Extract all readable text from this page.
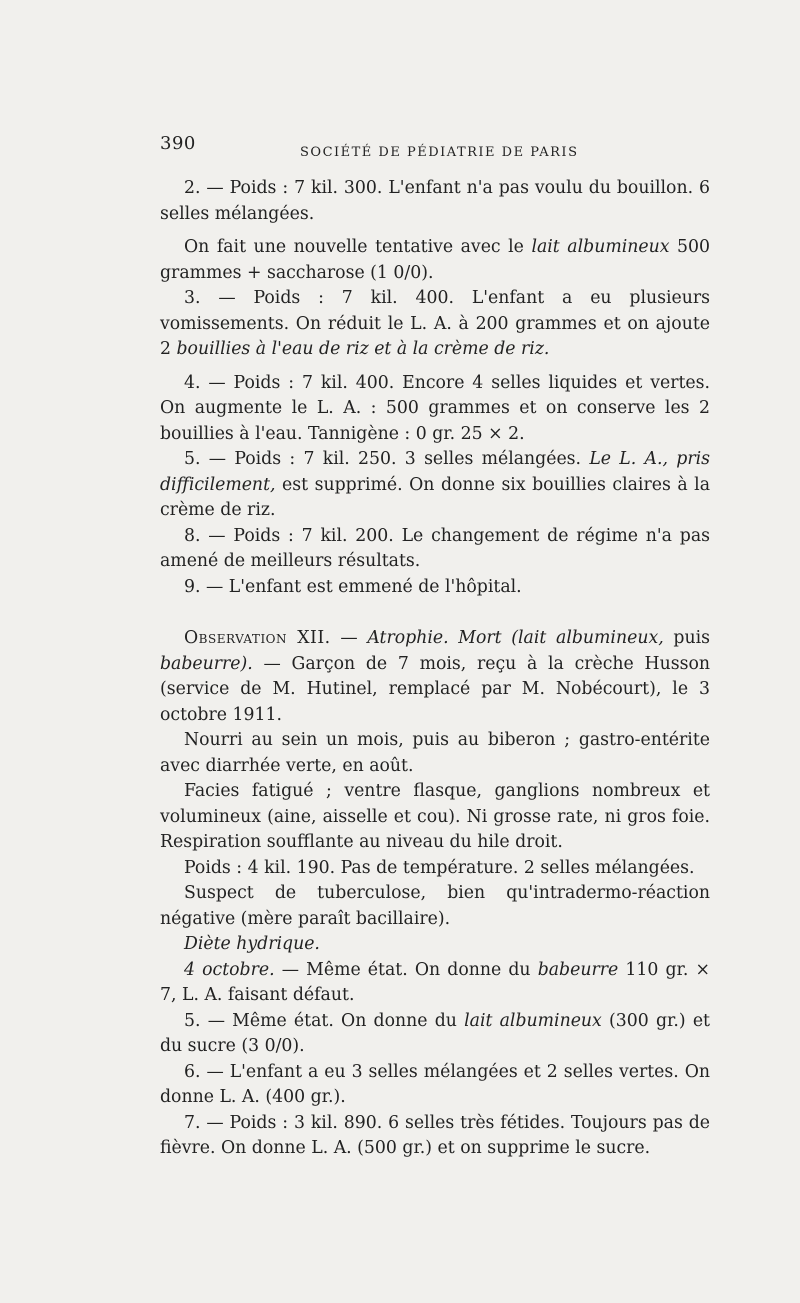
390	SOCIÉTÉ DE PÉDIATRIE DE PARIS

2. — Poids : 7 kil. 300. L'enfant n'a pas voulu du bouillon. 6 selles mélangées.

On fait une nouvelle tentative avec le lait albumineux 500 grammes + saccharose (1 0/0).

3. — Poids : 7 kil. 400. L'enfant a eu plusieurs vomissements. On réduit le L. A. à 200 grammes et on ajoute 2 bouillies à l'eau de riz et à la crème de riz.

4. — Poids : 7 kil. 400. Encore 4 selles liquides et vertes. On augmente le L. A. : 500 grammes et on conserve les 2 bouillies à l'eau. Tannigène : 0 gr. 25 × 2.

5. — Poids : 7 kil. 250. 3 selles mélangées. Le L. A., pris difficilement, est supprimé. On donne six bouillies claires à la crème de riz.

8. — Poids : 7 kil. 200. Le changement de régime n'a pas amené de meilleurs résultats.

9. — L'enfant est emmené de l'hôpital.

Observation XII. — Atrophie. Mort (lait albumineux, puis babeurre). — Garçon de 7 mois, reçu à la crèche Husson (service de M. Hutinel, remplacé par M. Nobécourt), le 3 octobre 1911.

Nourri au sein un mois, puis au biberon ; gastro-entérite avec diarrhée verte, en août.

Facies fatigué ; ventre flasque, ganglions nombreux et volumineux (aine, aisselle et cou). Ni grosse rate, ni gros foie. Respiration soufflante au niveau du hile droit.

Poids : 4 kil. 190. Pas de température. 2 selles mélangées.

Suspect de tuberculose, bien qu'intradermo-réaction négative (mère paraît bacillaire).

Diète hydrique.

4 octobre. — Même état. On donne du babeurre 110 gr. × 7, L. A. faisant défaut.

5. — Même état. On donne du lait albumineux (300 gr.) et du sucre (3 0/0).

6. — L'enfant a eu 3 selles mélangées et 2 selles vertes. On donne L. A. (400 gr.).

7. — Poids : 3 kil. 890. 6 selles très fétides. Toujours pas de fièvre. On donne L. A. (500 gr.) et on supprime le sucre.
